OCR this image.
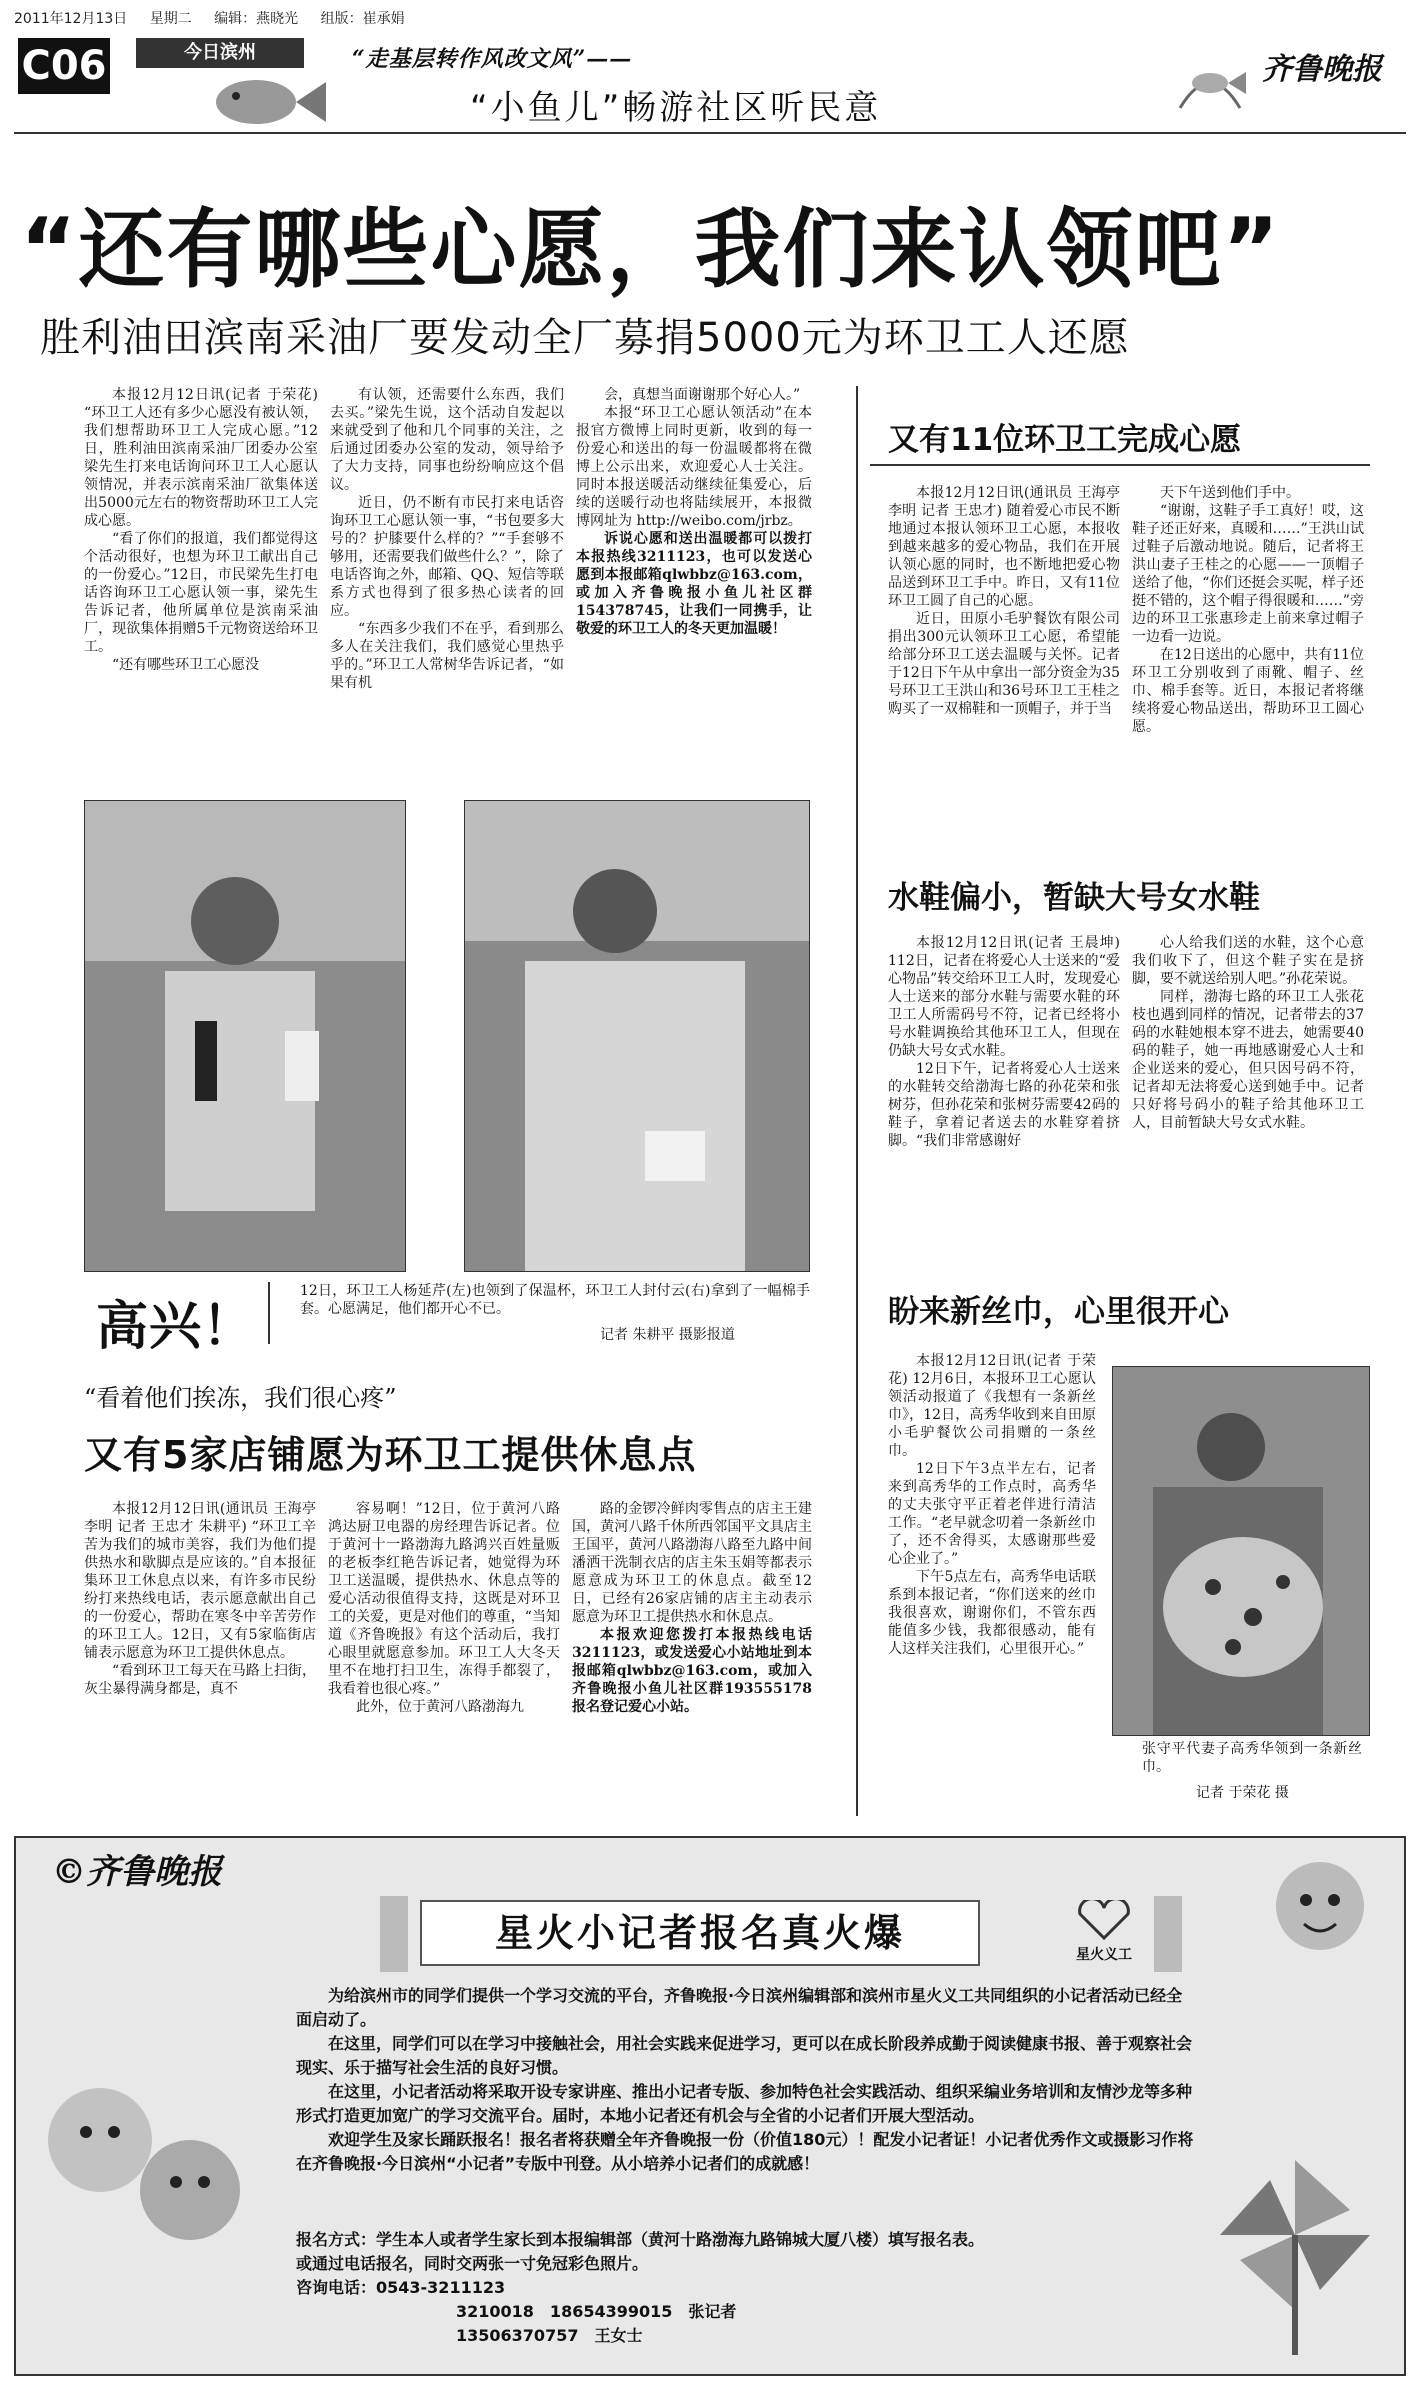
2011年12月13日 星期二 编辑：燕晓光 组版：崔承娟
C06	今日滨州	“走基层转作风改文风”——
“小鱼儿”畅游社区听民意
齐鲁晚报
“还有哪些心愿，我们来认领吧”
胜利油田滨南采油厂要发动全厂募捐5000元为环卫工人还愿

本报12月12日讯(记者 于荣花) “环卫工人还有多少心愿没有被认领，我们想帮助环卫工人完成心愿。”12日，胜利油田滨南采油厂团委办公室梁先生打来电话询问环卫工人心愿认领情况，并表示滨南采油厂欲集体送出5000元左右的物资帮助环卫工人完成心愿。

“看了你们的报道，我们都觉得这个活动很好，也想为环卫工献出自己的一份爱心。”12日，市民梁先生打电话咨询环卫工心愿认领一事，梁先生告诉记者，他所属单位是滨南采油厂，现欲集体捐赠5千元物资送给环卫工。

“还有哪些环卫工心愿没

有认领，还需要什么东西，我们去买。”梁先生说，这个活动自发起以来就受到了他和几个同事的关注，之后通过团委办公室的发动，领导给予了大力支持，同事也纷纷响应这个倡议。

近日，仍不断有市民打来电话咨询环卫工心愿认领一事，“书包要多大号的？护膝要什么样的？”“手套够不够用，还需要我们做些什么？”，除了电话咨询之外，邮箱、QQ、短信等联系方式也得到了很多热心读者的回应。

“东西多少我们不在乎，看到那么多人在关注我们，我们感觉心里热乎乎的。”环卫工人常树华告诉记者，“如果有机

会，真想当面谢谢那个好心人。”

本报“环卫工心愿认领活动”在本报官方微博上同时更新，收到的每一份爱心和送出的每一份温暖都将在微博上公示出来，欢迎爱心人士关注。同时本报送暖活动继续征集爱心，后续的送暖行动也将陆续展开，本报微博网址为 http://weibo.com/jrbz。

诉说心愿和送出温暖都可以拨打本报热线3211123，也可以发送心愿到本报邮箱qlwbbz@163.com，或加入齐鲁晚报小鱼儿社区群154378745，让我们一同携手，让敬爱的环卫工人的冬天更加温暖！

高兴！
12日，环卫工人杨延芹(左)也领到了保温杯，环卫工人封付云(右)拿到了一幅棉手套。心愿满足，他们都开心不已。
记者 朱耕平 摄影报道
“看着他们挨冻，我们很心疼”
又有5家店铺愿为环卫工提供休息点

本报12月12日讯(通讯员 王海亭 李明 记者 王忠才 朱耕平) “环卫工辛苦为我们的城市美容，我们为他们提供热水和歇脚点是应该的。”自本报征集环卫工休息点以来，有许多市民纷纷打来热线电话，表示愿意献出自己的一份爱心，帮助在寒冬中辛苦劳作的环卫工人。12日，又有5家临街店铺表示愿意为环卫工提供休息点。

“看到环卫工每天在马路上扫街，灰尘暴得满身都是，真不

容易啊！”12日，位于黄河八路鸿达厨卫电器的房经理告诉记者。位于黄河十一路渤海九路鸿兴百姓量贩的老板李红艳告诉记者，她觉得为环卫工送温暖，提供热水、休息点等的爱心活动很值得支持，这既是对环卫工的关爱，更是对他们的尊重，“当知道《齐鲁晚报》有这个活动后，我打心眼里就愿意参加。环卫工人大冬天里不在地打扫卫生，冻得手都裂了，我看着也很心疼。”

此外，位于黄河八路渤海九

路的金锣冷鲜肉零售点的店主王建国，黄河八路千休所西邻国平文具店主王国平，黄河八路渤海八路至九路中间潘洒干洗制衣店的店主朱玉娟等都表示愿意成为环卫工的休息点。截至12日，已经有26家店铺的店主主动表示愿意为环卫工提供热水和休息点。

本报欢迎您拨打本报热线电话3211123，或发送爱心小站地址到本报邮箱qlwbbz@163.com，或加入齐鲁晚报小鱼儿社区群193555178报名登记爱心小站。

又有11位环卫工完成心愿

本报12月12日讯(通讯员 王海亭 李明 记者 王忠才) 随着爱心市民不断地通过本报认领环卫工心愿，本报收到越来越多的爱心物品，我们在开展认领心愿的同时，也不断地把爱心物品送到环卫工手中。昨日，又有11位环卫工圆了自己的心愿。

近日，田原小毛驴餐饮有限公司捐出300元认领环卫工心愿，希望能给部分环卫工送去温暖与关怀。记者于12日下午从中拿出一部分资金为35号环卫工王洪山和36号环卫工王桂之购买了一双棉鞋和一顶帽子，并于当

天下午送到他们手中。

“谢谢，这鞋子手工真好！哎，这鞋子还正好来，真暖和……”王洪山试过鞋子后激动地说。随后，记者将王洪山妻子王桂之的心愿——一顶帽子送给了他，“你们还挺会买呢，样子还挺不错的，这个帽子得很暖和……”旁边的环卫工张惠珍走上前来拿过帽子一边看一边说。

在12日送出的心愿中，共有11位环卫工分别收到了雨靴、帽子、丝巾、棉手套等。近日，本报记者将继续将爱心物品送出，帮助环卫工圆心愿。

水鞋偏小，暂缺大号女水鞋

本报12月12日讯(记者 王晨坤) 112日，记者在将爱心人士送来的“爱心物品”转交给环卫工人时，发现爱心人士送来的部分水鞋与需要水鞋的环卫工人所需码号不符，记者已经将小号水鞋调换给其他环卫工人，但现在仍缺大号女式水鞋。

12日下午，记者将爱心人士送来的水鞋转交给渤海七路的孙花荣和张树芬，但孙花荣和张树芬需要42码的鞋子，拿着记者送去的水鞋穿着挤脚。“我们非常感谢好

心人给我们送的水鞋，这个心意我们收下了，但这个鞋子实在是挤脚，要不就送给别人吧。”孙花荣说。

同样，渤海七路的环卫工人张花枝也遇到同样的情况，记者带去的37码的水鞋她根本穿不进去，她需要40码的鞋子，她一再地感谢爱心人士和企业送来的爱心，但只因号码不符，记者却无法将爱心送到她手中。记者只好将号码小的鞋子给其他环卫工人，目前暂缺大号女式水鞋。

盼来新丝巾，心里很开心

本报12月12日讯(记者 于荣花) 12月6日，本报环卫工心愿认领活动报道了《我想有一条新丝巾》，12日，高秀华收到来自田原小毛驴餐饮公司捐赠的一条丝巾。

12日下午3点半左右，记者来到高秀华的工作点时，高秀华的丈夫张守平正着老伴进行清洁工作。“老早就念叨着一条新丝巾了，还不舍得买，太感谢那些爱心企业了。”

下午5点左右，高秀华电话联系到本报记者，“你们送来的丝巾我很喜欢，谢谢你们，不管东西能值多少钱，我都很感动，能有人这样关注我们，心里很开心。”

张守平代妻子高秀华领到一条新丝巾。
记者 于荣花 摄
©齐鲁晚报
星火小记者报名真火爆	星火义工

为给滨州市的同学们提供一个学习交流的平台，齐鲁晚报·今日滨州编辑部和滨州市星火义工共同组织的小记者活动已经全面启动了。

在这里，同学们可以在学习中接触社会，用社会实践来促进学习，更可以在成长阶段养成勤于阅读健康书报、善于观察社会现实、乐于描写社会生活的良好习惯。

在这里，小记者活动将采取开设专家讲座、推出小记者专版、参加特色社会实践活动、组织采编业务培训和友情沙龙等多种形式打造更加宽广的学习交流平台。届时，本地小记者还有机会与全省的小记者们开展大型活动。

欢迎学生及家长踊跃报名！报名者将获赠全年齐鲁晚报一份（价值180元）！配发小记者证！小记者优秀作文或摄影习作将在齐鲁晚报·今日滨州“小记者”专版中刊登。从小培养小记者们的成就感！

报名方式：学生本人或者学生家长到本报编辑部（黄河十路渤海九路锦城大厦八楼）填写报名表。
或通过电话报名，同时交两张一寸免冠彩色照片。
咨询电话：0543-3211123
3210018　18654399015　张记者
13506370757　王女士
